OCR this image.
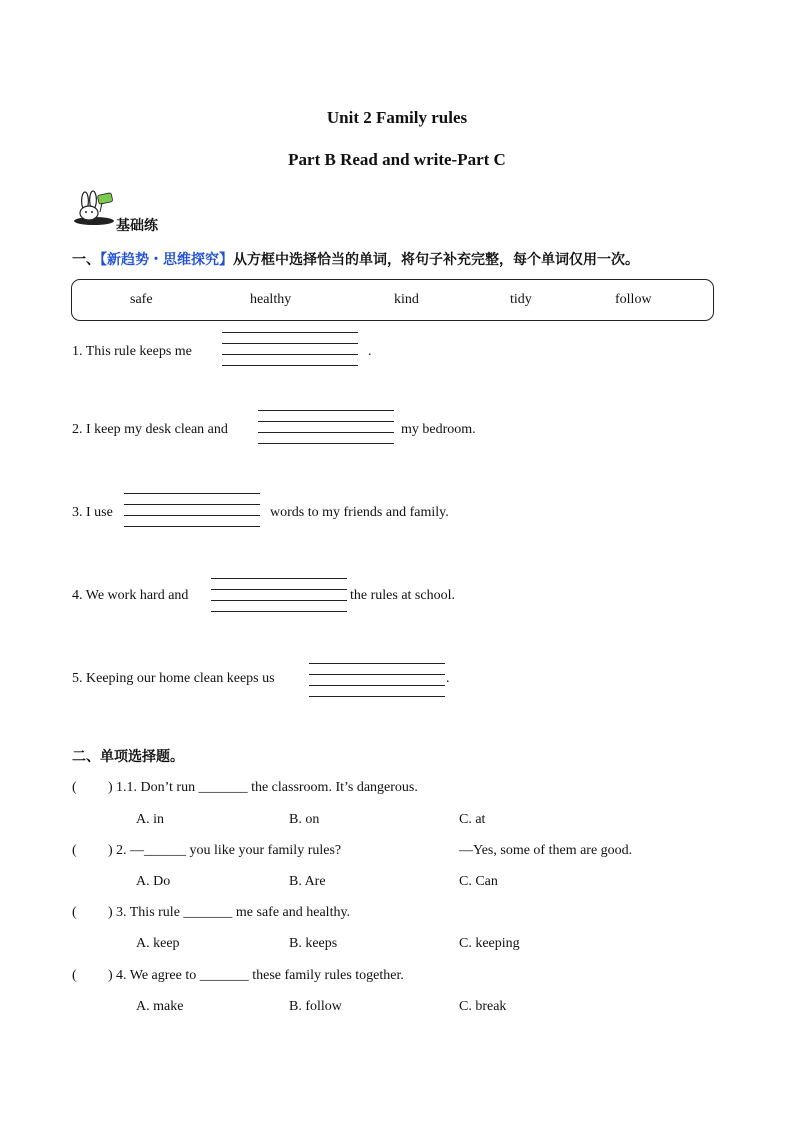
Unit 2 Family rules
Part B Read and write-Part C
基础练
一、【新趋势・思维探究】从方框中选择恰当的单词，将句子补充完整，每个单词仅用一次。
safe	healthy	kind	tidy	follow
1. This rule keeps me	.
2. I keep my desk clean and	my bedroom.
3. I use	words to my friends and family.
4. We work hard and	the rules at school.
5. Keeping our home clean keeps us	.
二、单项选择题。
( ) 1.1. Don’t run _______ the classroom. It’s dangerous.
A. in	B. on	C. at
( ) 2. —______ you like your family rules?	—Yes, some of them are good.
A. Do	B. Are	C. Can
( ) 3. This rule _______ me safe and healthy.
A. keep	B. keeps	C. keeping
( ) 4. We agree to _______ these family rules together.
A. make	B. follow	C. break
